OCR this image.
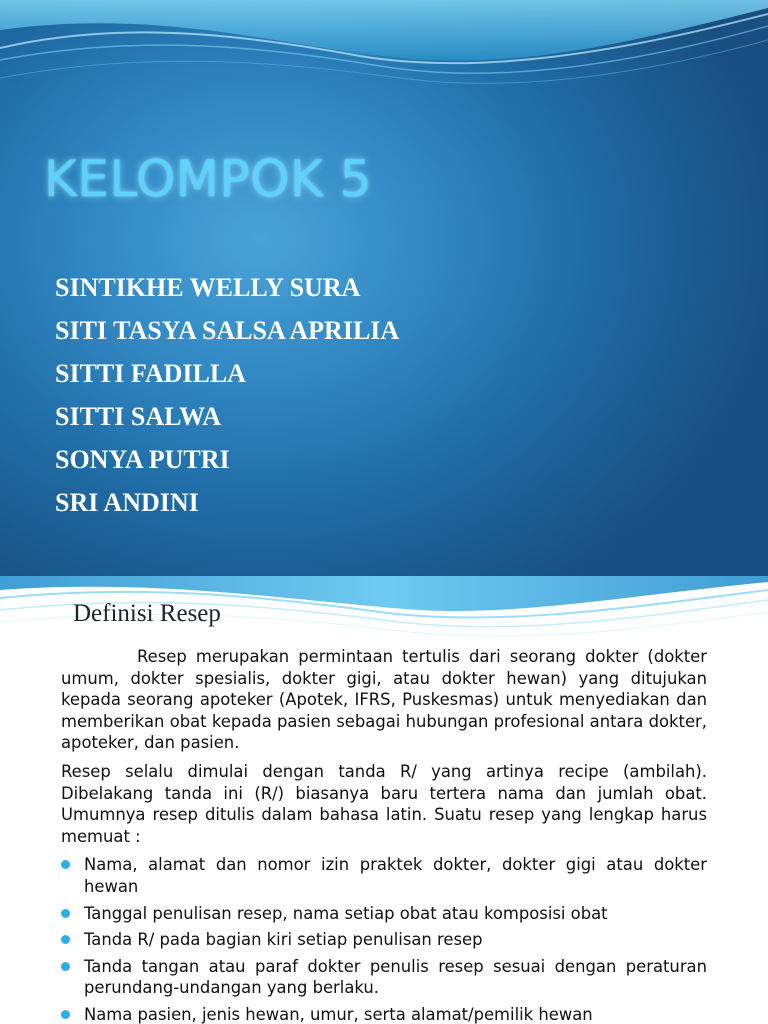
KELOMPOK 5
SINTIKHE WELLY SURA
SITI TASYA SALSA APRILIA
SITTI FADILLA
SITTI SALWA
SONYA PUTRI
SRI ANDINI
Definisi Resep

Resep merupakan permintaan tertulis dari seorang dokter (dokter umum, dokter spesialis, dokter gigi, atau dokter hewan) yang ditujukan kepada seorang apoteker (Apotek, IFRS, Puskesmas) untuk menyediakan dan memberikan obat kepada pasien sebagai hubungan profesional antara dokter, apoteker, dan pasien.

Resep selalu dimulai dengan tanda R/ yang artinya recipe (ambilah). Dibelakang tanda ini (R/) biasanya baru tertera nama dan jumlah obat. Umumnya resep ditulis dalam bahasa latin. Suatu resep yang lengkap harus memuat :

Nama, alamat dan nomor izin praktek dokter, dokter gigi atau dokter hewan
Tanggal penulisan resep, nama setiap obat atau komposisi obat
Tanda R/ pada bagian kiri setiap penulisan resep
Tanda tangan atau paraf dokter penulis resep sesuai dengan peraturan perundang-undangan yang berlaku.
Nama pasien, jenis hewan, umur, serta alamat/pemilik hewan
